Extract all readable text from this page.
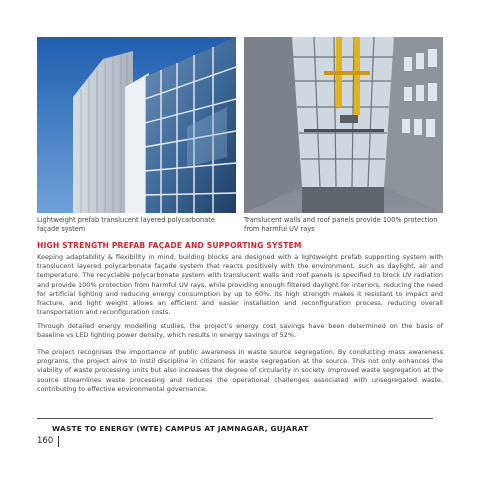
Lightweight prefab translucent layered polycarbonate façade system
Translucent walls and roof panels provide 100% protection from harmful UV rays
HIGH STRENGTH PREFAB FAÇADE AND SUPPORTING SYSTEM

Keeping adaptability & flexibility in mind, building blocks are designed with a lightweight prefab supporting system with translucent layered polycarbonate façade system that reacts positively with the environment, such as daylight, air and temperature. The recyclable polycarbonate system with translucent walls and roof panels is specified to block UV radiation and provide 100% protection from harmful UV rays, while providing enough filtered daylight for interiors, reducing the need for artificial lighting and reducing energy consumption by up to 60%. Its high strength makes it resistant to impact and fracture, and light weight allows an efficient and easier installation and reconfiguration process, reducing overall transportation and reconfiguration costs.

Through detailed energy modelling studies, the project’s energy cost savings have been determined on the basis of baseline vs LED lighting power density, which results in energy savings of 52%.

The project recognises the importance of public awareness in waste source segregation. By conducting mass awareness programs, the project aims to instil discipline in citizens for waste segregation at the source. This not only enhances the viability of waste processing units but also increases the degree of circularity in society. Improved waste segregation at the source streamlines waste processing and reduces the operational challenges associated with unsegregated waste, contributing to effective environmental governance.

WASTE TO ENERGY (WTE) CAMPUS AT JAMNAGAR, GUJARAT
160
